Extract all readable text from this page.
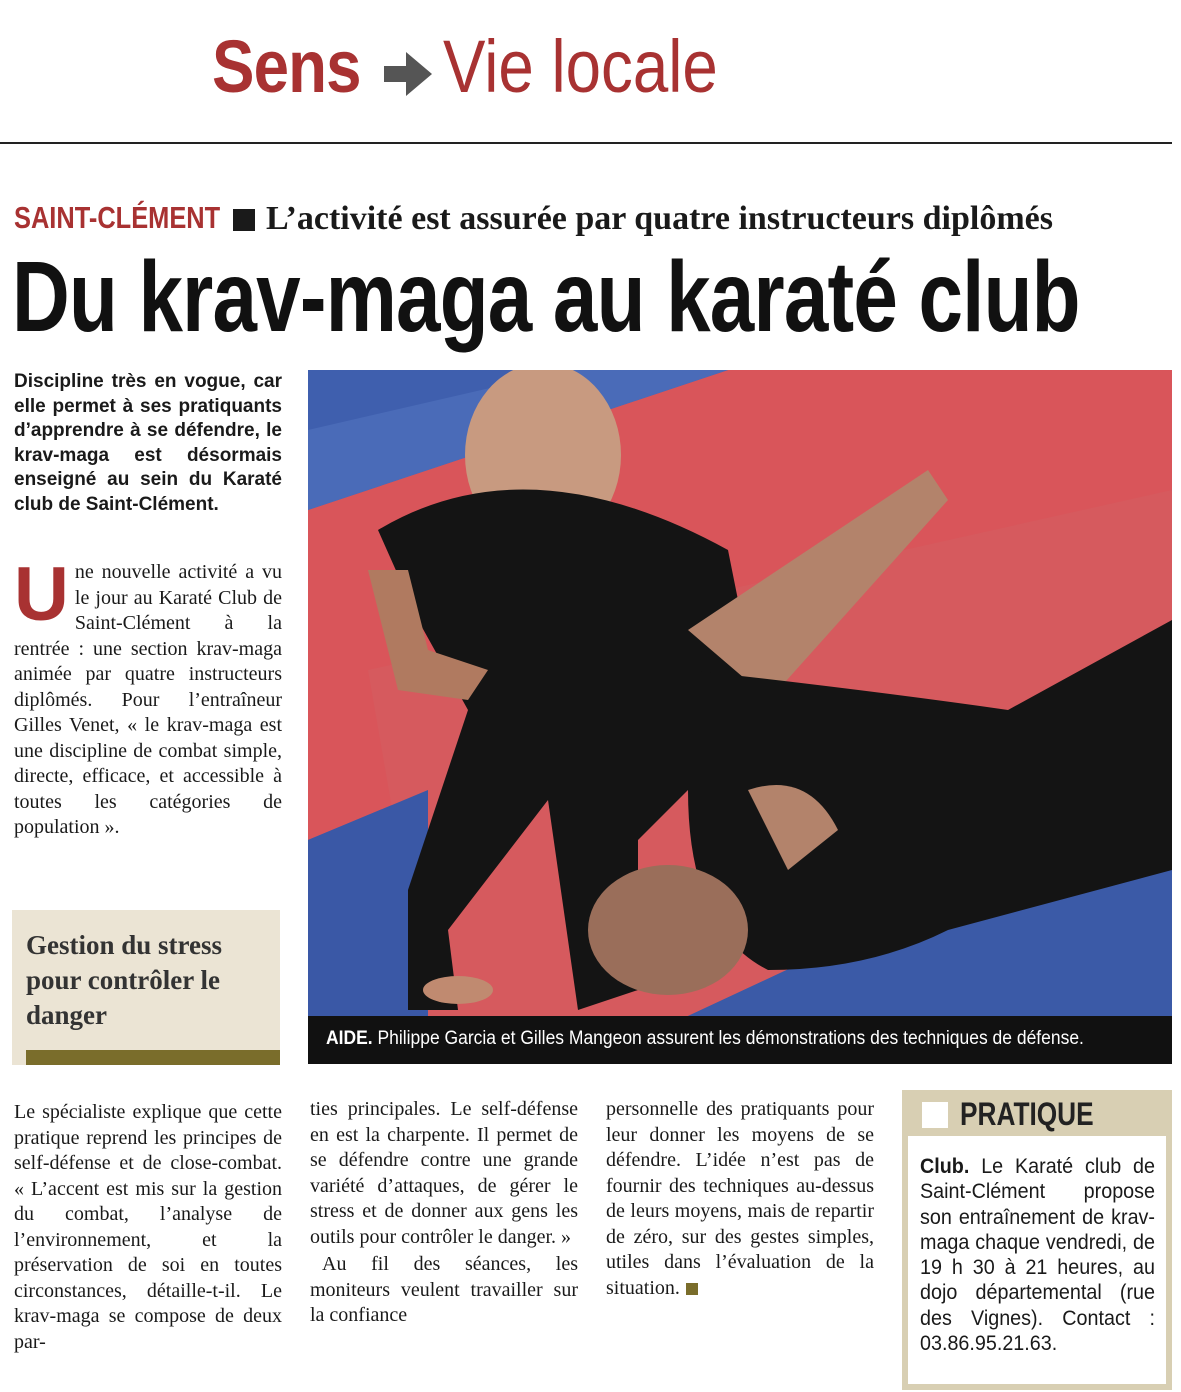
Sens Vie locale
SAINT-CLÉMENT L’activité est assurée par quatre instructeurs diplômés
Du krav-maga au karaté club
Discipline très en vogue, car elle permet à ses pratiquants d’apprendre à se défendre, le krav-maga est désormais enseigné au sein du Karaté club de Saint-Clément.
Une nouvelle activité a vu le jour au Karaté Club de Saint-Clément à la rentrée : une section krav-maga animée par quatre instructeurs diplômés. Pour l’entraîneur Gilles Venet, « le krav-maga est une discipline de combat simple, directe, efficace, et accessible à toutes les catégories de population ».
Gestion du stress pour contrôler le danger
AIDE. Philippe Garcia et Gilles Mangeon assurent les démonstrations des techniques de défense.
Le spécialiste explique que cette pratique reprend les principes de self-défense et de close-combat. « L’accent est mis sur la gestion du combat, l’analyse de l’environnement, et la préservation de soi en toutes circonstances, détaille-t-il. Le krav-maga se compose de deux par-
ties principales. Le self-défense en est la charpente. Il permet de se défendre contre une grande variété d’attaques, de gérer le stress et de donner aux gens les outils pour contrôler le danger. »
Au fil des séances, les moniteurs veulent travailler sur la confiance
personnelle des pratiquants pour leur donner les moyens de se défendre. L’idée n’est pas de fournir des techniques au-dessus de leurs moyens, mais de repartir de zéro, sur des gestes simples, utiles dans l’évaluation de la situation.
PRATIQUE
Club. Le Karaté club de Saint-Clément propose son entraînement de krav-maga chaque vendredi, de 19 h 30 à 21 heures, au dojo départemental (rue des Vignes). Contact : 03.86.95.21.63.
